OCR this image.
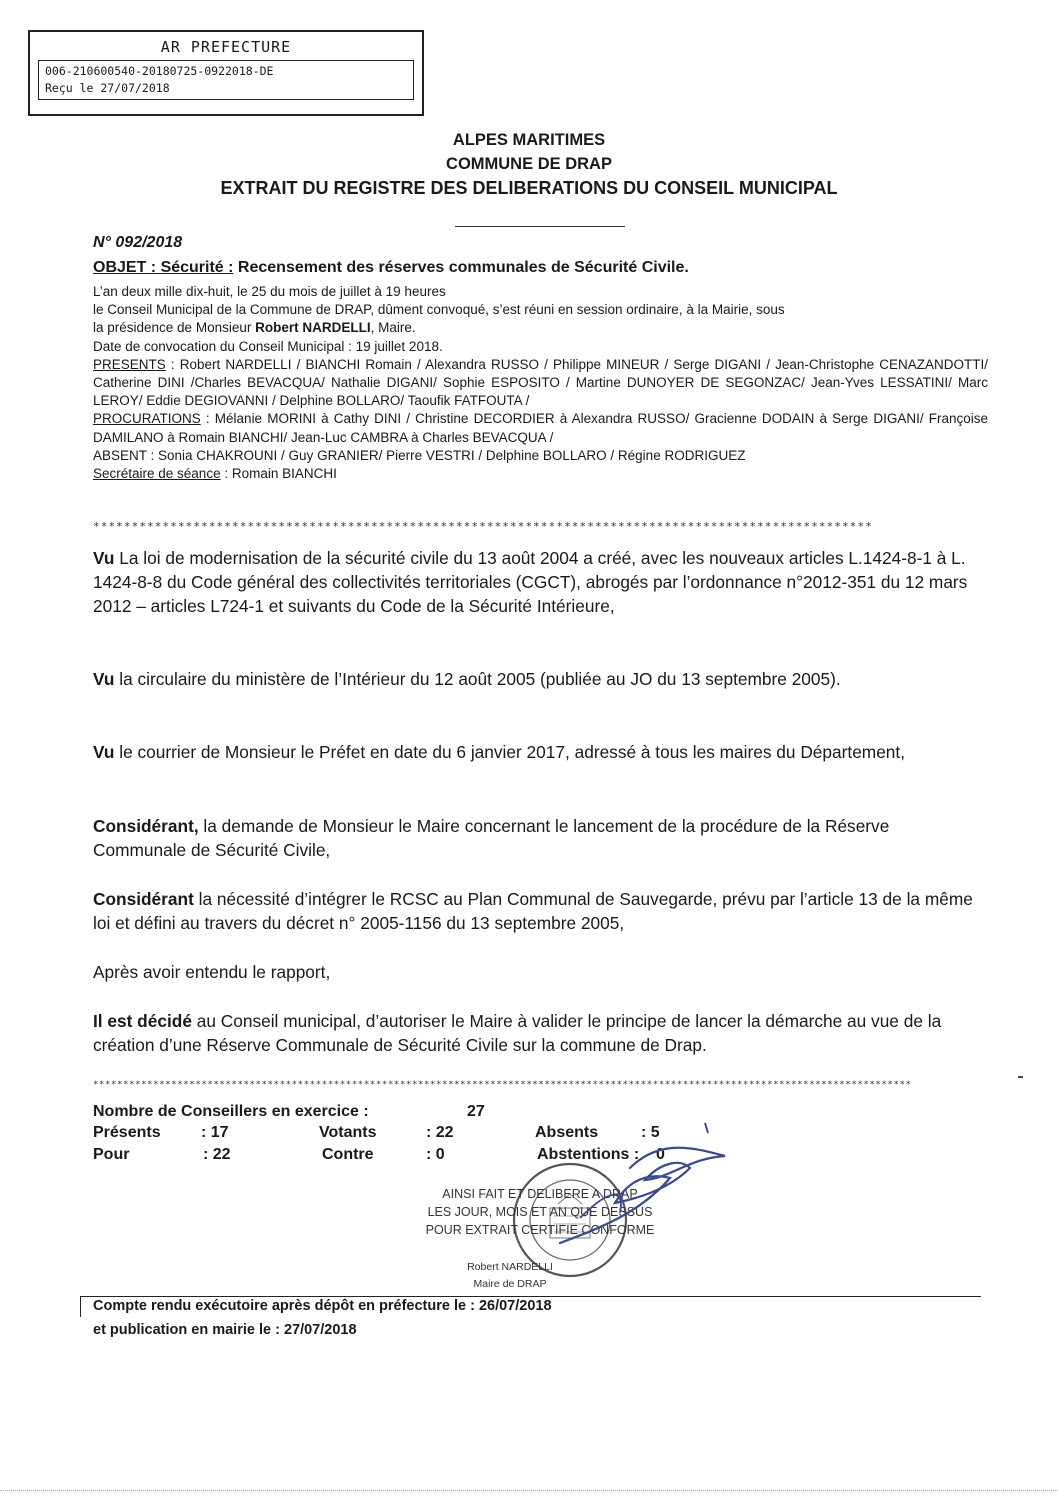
AR PREFECTURE
006-210600540-20180725-0922018-DE
Reçu le 27/07/2018
ALPES MARITIMES
COMMUNE DE DRAP
EXTRAIT DU REGISTRE DES DELIBERATIONS DU CONSEIL MUNICIPAL
N° 092/2018
OBJET : Sécurité : Recensement des réserves communales de Sécurité Civile.
L’an deux mille dix-huit, le 25 du mois de juillet à 19 heures
le Conseil Municipal de la Commune de DRAP, dûment convoqué, s’est réuni en session ordinaire, à la Mairie, sous
la présidence de Monsieur Robert NARDELLI, Maire.
Date de convocation du Conseil Municipal : 19 juillet 2018.
PRESENTS : Robert NARDELLI / BIANCHI Romain / Alexandra RUSSO / Philippe MINEUR / Serge DIGANI / Jean-Christophe CENAZANDOTTI/ Catherine DINI /Charles BEVACQUA/ Nathalie DIGANI/ Sophie ESPOSITO / Martine DUNOYER DE SEGONZAC/ Jean-Yves LESSATINI/ Marc LEROY/ Eddie DEGIOVANNI / Delphine BOLLARO/ Taoufik FATFOUTA /
PROCURATIONS : Mélanie MORINI à Cathy DINI / Christine DECORDIER à Alexandra RUSSO/ Gracienne DODAIN à Serge DIGANI/ Françoise DAMILANO à Romain BIANCHI/ Jean-Luc CAMBRA à Charles BEVACQUA /
ABSENT : Sonia CHAKROUNI / Guy GRANIER/ Pierre VESTRI / Delphine BOLLARO / Régine RODRIGUEZ
Secrétaire de séance : Romain BIANCHI
*****************************************************************************************************
Vu La loi de modernisation de la sécurité civile du 13 août 2004 a créé, avec les nouveaux articles L.1424-8-1 à L. 1424-8-8 du Code général des collectivités territoriales (CGCT), abrogés par l’ordonnance n°2012-351 du 12 mars 2012 – articles L724-1 et suivants du Code de la Sécurité Intérieure,
Vu la circulaire du ministère de l’Intérieur du 12 août 2005 (publiée au JO du 13 septembre 2005).
Vu le courrier de Monsieur le Préfet en date du 6 janvier 2017, adressé à tous les maires du Département,
Considérant, la demande de Monsieur le Maire concernant le lancement de la procédure de la Réserve Communale de Sécurité Civile,
Considérant la nécessité d’intégrer le RCSC au Plan Communal de Sauvegarde, prévu par l’article 13 de la même loi et défini au travers du décret n° 2005-1156 du 13 septembre 2005,
Après avoir entendu le rapport,
Il est décidé au Conseil municipal, d’autoriser le Maire à valider le principe de lancer la démarche au vue de la création d’une Réserve Communale de Sécurité Civile sur la commune de Drap.
****************************************************************************************************************************************
Nombre de Conseillers en exercice :	27
Présents	: 17	Votants	: 22	Absents	: 5
Pour	: 22	Contre	: 0	Abstentions : 0
AINSI FAIT ET DELIBERE A DRAP
LES JOUR, MOIS ET AN QUE DESSUS
POUR EXTRAIT CERTIFIE CONFORME
Robert NARDELLI
Maire de DRAP
Compte rendu exécutoire après dépôt en préfecture le : 26/07/2018
et publication en mairie le : 27/07/2018
